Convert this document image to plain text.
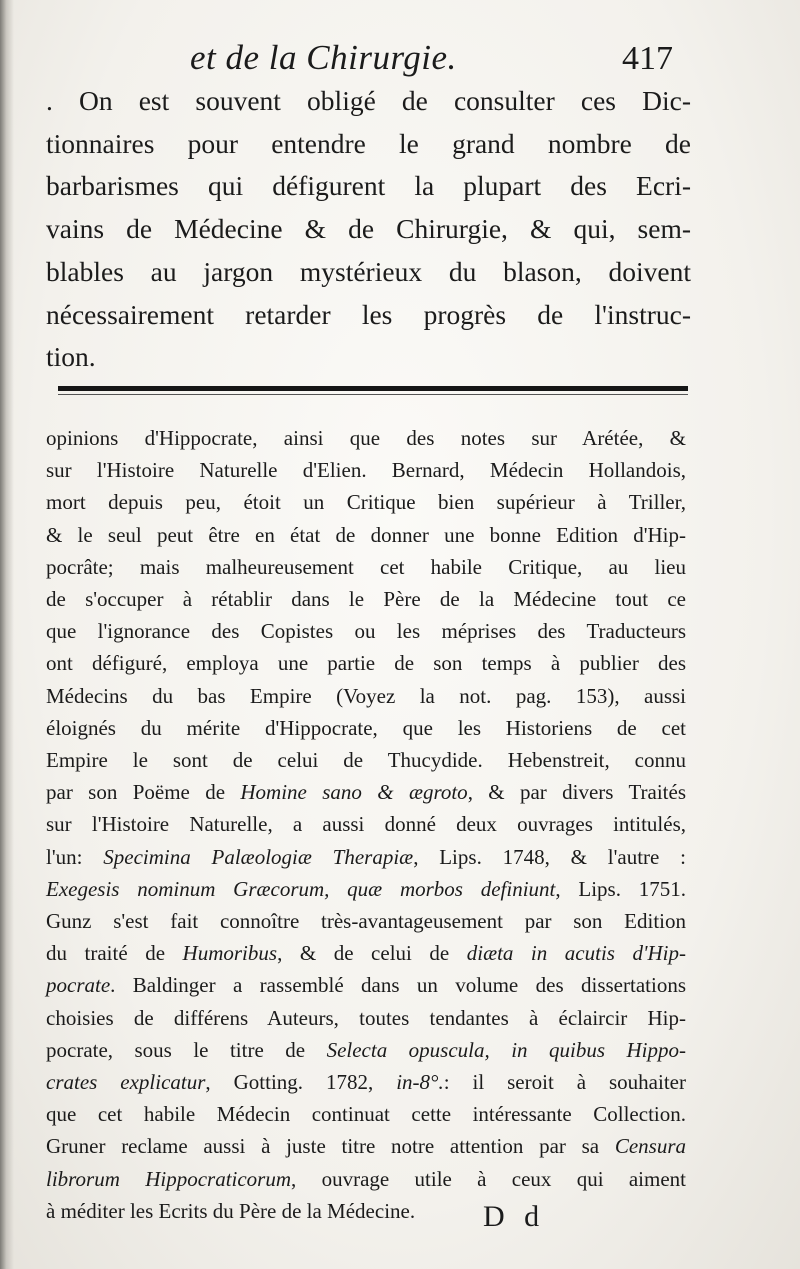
et de la Chirurgie.	417
. On est souvent obligé de consulter ces Dic-
tionnaires pour entendre le grand nombre de
barbarismes qui défigurent la plupart des Ecri-
vains de Médecine & de Chirurgie, & qui, sem-
blables au jargon mystérieux du blason, doivent
nécessairement retarder les progrès de l'instruc-
tion.
opinions d'Hippocrate, ainsi que des notes sur Arétée, &
sur l'Histoire Naturelle d'Elien. Bernard, Médecin Hollandois,
mort depuis peu, étoit un Critique bien supérieur à Triller,
& le seul peut être en état de donner une bonne Edition d'Hip-
pocrâte; mais malheureusement cet habile Critique, au lieu
de s'occuper à rétablir dans le Père de la Médecine tout ce
que l'ignorance des Copistes ou les méprises des Traducteurs
ont défiguré, employa une partie de son temps à publier des
Médecins du bas Empire (Voyez la not. pag. 153), aussi
éloignés du mérite d'Hippocrate, que les Historiens de cet
Empire le sont de celui de Thucydide. Hebenstreit, connu
par son Poëme de Homine sano & ægroto, & par divers Traités
sur l'Histoire Naturelle, a aussi donné deux ouvrages intitulés,
l'un: Specimina Palæologiæ Therapiæ, Lips. 1748, & l'autre :
Exegesis nominum Græcorum, quæ morbos definiunt, Lips. 1751.
Gunz s'est fait connoître très-avantageusement par son Edition
du traité de Humoribus, & de celui de diæta in acutis d'Hip-
pocrate. Baldinger a rassemblé dans un volume des dissertations
choisies de différens Auteurs, toutes tendantes à éclaircir Hip-
pocrate, sous le titre de Selecta opuscula, in quibus Hippo-
crates explicatur, Gotting. 1782, in-8°.: il seroit à souhaiter
que cet habile Médecin continuat cette intéressante Collection.
Gruner reclame aussi à juste titre notre attention par sa Censura
librorum Hippocraticorum, ouvrage utile à ceux qui aiment
à méditer les Ecrits du Père de la Médecine.	D d
